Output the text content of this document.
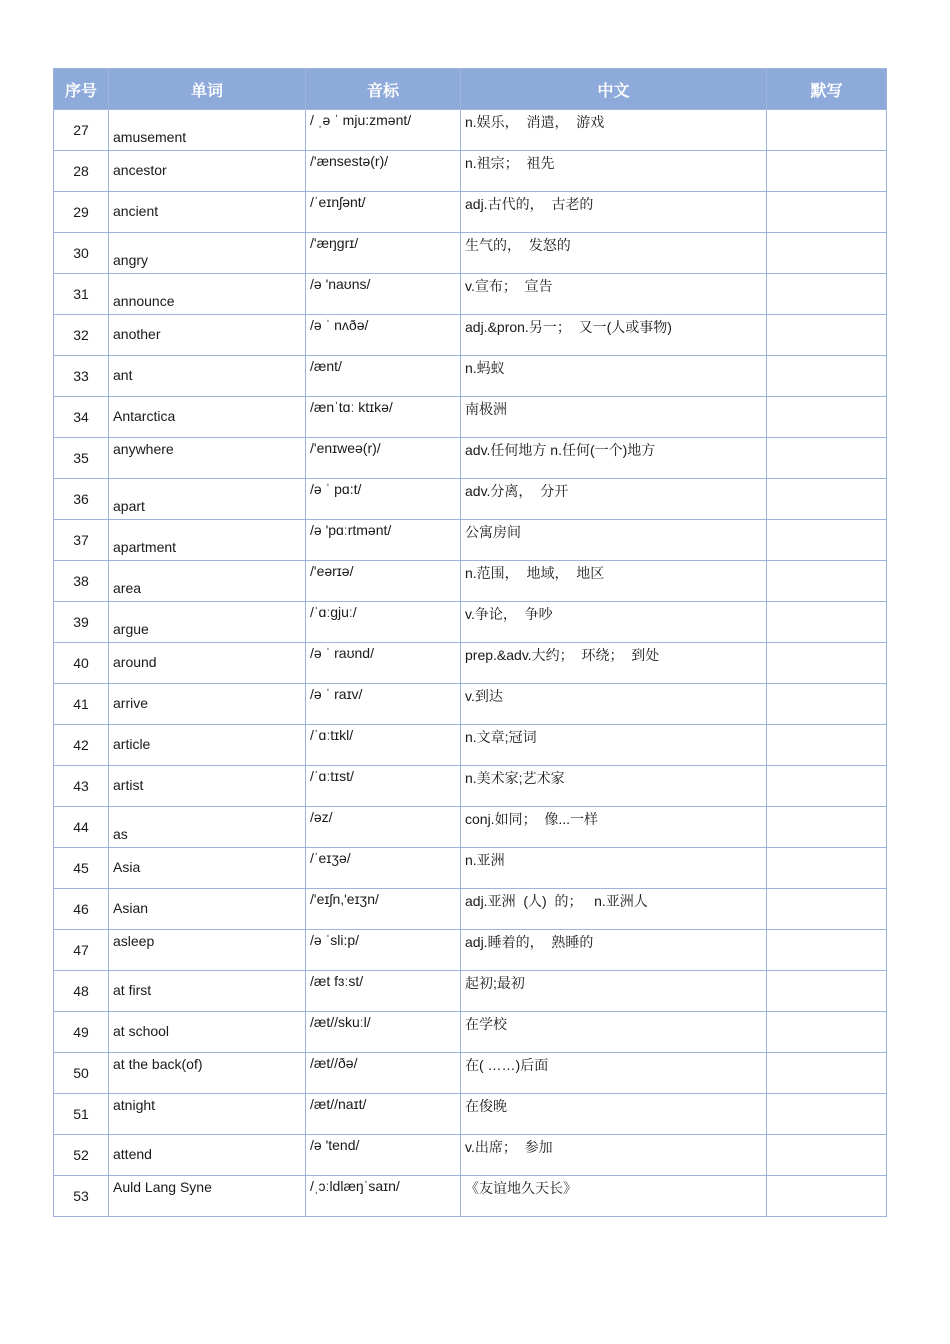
序号	单词	音标	中文	默写
27	amusement	/ ˌə ˈ mju:zmənt/	n.娱乐，  消遣，  游戏	

28	ancestor	/'ænsestə(r)/	n.祖宗；  祖先	

29	ancient	/ˈeɪnʃənt/	adj.古代的，  古老的	

30	angry	/'æŋɡrɪ/	生气的，  发怒的	

31	announce	/ə 'naʊns/	v.宣布；  宣告	

32	another	/ə ˈ nʌðə/	adj.&pron.另一；  又一(人或事物)	

33	ant	/ænt/	n.蚂蚁	

34	Antarctica	/ænˈtɑː ktɪkə/	南极洲	

35	anywhere	/'enɪweə(r)/	adv.任何地方 n.任何(一个)地方	

36	apart	/ə ˈ pɑ:t/	adv.分离，  分开	

37	apartment	/ə 'pɑːrtmənt/	公寓房间	

38	area	/'eərɪə/	n.范围，  地域，  地区	

39	argue	/ˈɑːɡjuː/	v.争论，  争吵	

40	around	/ə ˈ raʊnd/	prep.&adv.大约；  环绕；  到处	

41	arrive	/ə ˈ raɪv/	v.到达	

42	article	/ˈɑːtɪkl/	n.文章;冠词	

43	artist	/ˈɑːtɪst/	n.美术家;艺术家	

44	as	/əz/	conj.如同；  像...一样	

45	Asia	/ˈeɪʒə/	n.亚洲	

46	Asian	/'eɪʃn,'eɪʒn/	adj.亚洲  (人)  的；   n.亚洲人	

47	asleep	/ə ˈsli:p/	adj.睡着的，  熟睡的	

48	at first	/æt fɜːst/	起初;最初	

49	at school	/æt//skuːl/	在学校	

50	at the back(of)	/æt//ðə/	在( ……)后面	

51	atnight	/æt//naɪt/	在俊晚	

52	attend	/ə 'tend/	v.出席；  参加	

53	Auld Lang Syne	/ˌɔːldlæŋˈsaɪn/	《友谊地久天长》	
